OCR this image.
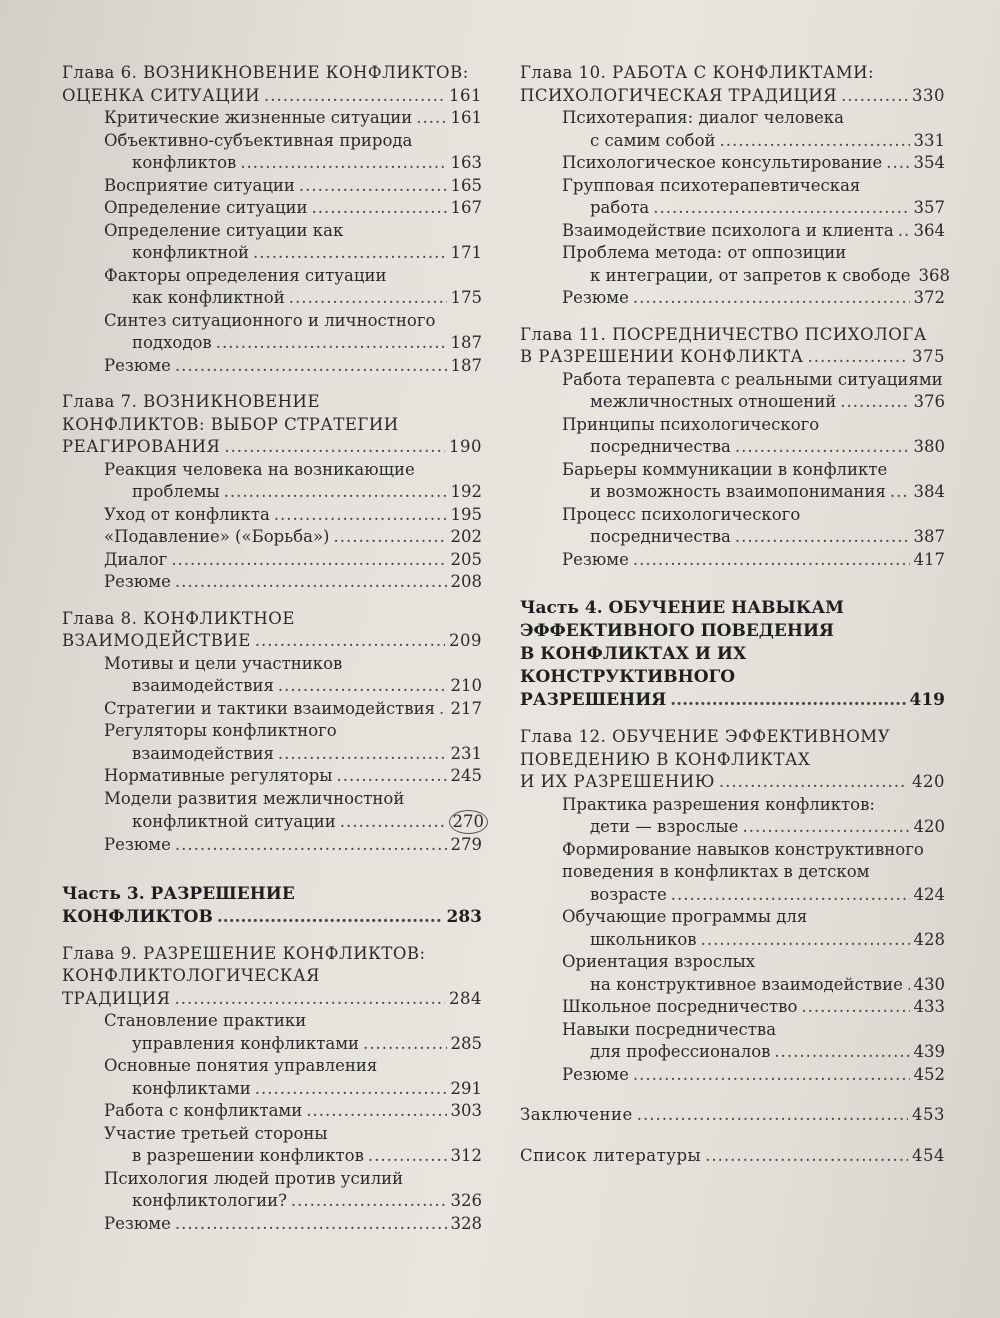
Глава 6. ВОЗНИКНОВЕНИЕ КОНФЛИКТОВ:
ОЦЕНКА СИТУАЦИИ .....	161
Критические жизненные ситуации ..... 161
Объективно-субъективная природа
конфликтов .....	163
Восприятие ситуации .....	165
Определение ситуации .....	167
Определение ситуации как
конфликтной .....	171
Факторы определения ситуации
как конфликтной .....	175
Синтез ситуационного и личностного
подходов .....	187
Резюме .....	187
Глава 7. ВОЗНИКНОВЕНИЕ
КОНФЛИКТОВ: ВЫБОР СТРАТЕГИИ
РЕАГИРОВАНИЯ .....	190
Реакция человека на возникающие
проблемы .....	192
Уход от конфликта .....	195
«Подавление» («Борьба») .....	202
Диалог .....	205
Резюме .....	208
Глава 8. КОНФЛИКТНОЕ
ВЗАИМОДЕЙСТВИЕ .....	209
Мотивы и цели участников
взаимодействия .....	210
Стратегии и тактики взаимодействия ..... 217
Регуляторы конфликтного
взаимодействия .....	231
Нормативные регуляторы .....	245
Модели развития межличностной
конфликтной ситуации .....	270
Резюме .....	279
Часть 3. РАЗРЕШЕНИЕ
КОНФЛИКТОВ .....	283
Глава 9. РАЗРЕШЕНИЕ КОНФЛИКТОВ:
КОНФЛИКТОЛОГИЧЕСКАЯ
ТРАДИЦИЯ .....	284
Становление практики
управления конфликтами .....	285
Основные понятия управления
конфликтами .....	291
Работа с конфликтами .....	303
Участие третьей стороны
в разрешении конфликтов .....	312
Психология людей против усилий
конфликтологии? .....	326
Резюме .....	328
Глава 10. РАБОТА С КОНФЛИКТАМИ:
ПСИХОЛОГИЧЕСКАЯ ТРАДИЦИЯ .....	330
Психотерапия: диалог человека
с самим собой .....	331
Психологическое консультирование ..... 354
Групповая психотерапевтическая
работа .....	357
Взаимодействие психолога и клиента ..... 364
Проблема метода: от оппозиции
к интеграции, от запретов к свободе 368
Резюме .....	372
Глава 11. ПОСРЕДНИЧЕСТВО ПСИХОЛОГА
В РАЗРЕШЕНИИ КОНФЛИКТА .....	375
Работа терапевта с реальными ситуациями
межличностных отношений .....	376
Принципы психологического
посредничества .....	380
Барьеры коммуникации в конфликте
и возможность взаимопонимания ..... 384
Процесс психологического
посредничества .....	387
Резюме .....	417
Часть 4. ОБУЧЕНИЕ НАВЫКАМ
ЭФФЕКТИВНОГО ПОВЕДЕНИЯ
В КОНФЛИКТАХ И ИХ
КОНСТРУКТИВНОГО
РАЗРЕШЕНИЯ .....	419
Глава 12. ОБУЧЕНИЕ ЭФФЕКТИВНОМУ
ПОВЕДЕНИЮ В КОНФЛИКТАХ
И ИХ РАЗРЕШЕНИЮ .....	420
Практика разрешения конфликтов:
дети — взрослые .....	420
Формирование навыков конструктивного
поведения в конфликтах в детском
возрасте .....	424
Обучающие программы для
школьников .....	428
Ориентация взрослых
на конструктивное взаимодействие ..... 430
Школьное посредничество .....	433
Навыки посредничества
для профессионалов .....	439
Резюме .....	452
Заключение .....	453
Список литературы .....	454
